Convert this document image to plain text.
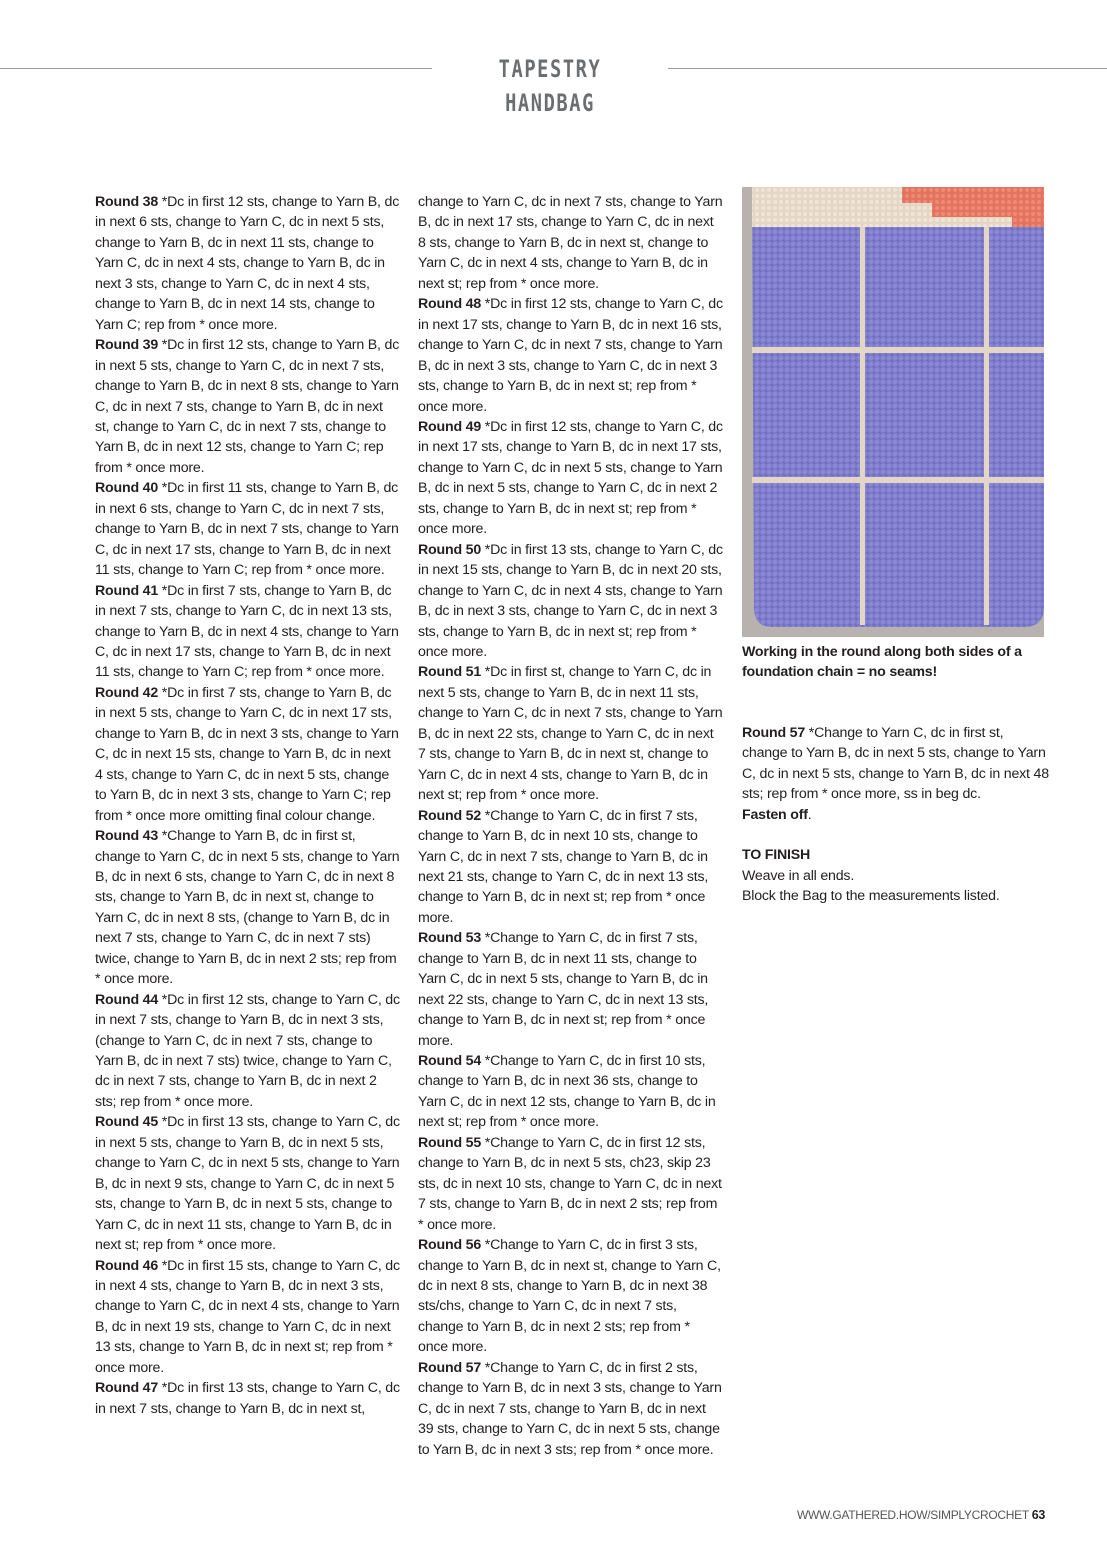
TAPESTRY HANDBAG

Round 38 *Dc in first 12 sts, change to Yarn B, dc in next 6 sts, change to Yarn C, dc in next 5 sts, change to Yarn B, dc in next 11 sts, change to Yarn C, dc in next 4 sts, change to Yarn B, dc in next 3 sts, change to Yarn C, dc in next 4 sts, change to Yarn B, dc in next 14 sts, change to Yarn C; rep from * once more.

Round 39 *Dc in first 12 sts, change to Yarn B, dc in next 5 sts, change to Yarn C, dc in next 7 sts, change to Yarn B, dc in next 8 sts, change to Yarn C, dc in next 7 sts, change to Yarn B, dc in next st, change to Yarn C, dc in next 7 sts, change to Yarn B, dc in next 12 sts, change to Yarn C; rep from * once more.

Round 40 *Dc in first 11 sts, change to Yarn B, dc in next 6 sts, change to Yarn C, dc in next 7 sts, change to Yarn B, dc in next 7 sts, change to Yarn C, dc in next 17 sts, change to Yarn B, dc in next 11 sts, change to Yarn C; rep from * once more.

Round 41 *Dc in first 7 sts, change to Yarn B, dc in next 7 sts, change to Yarn C, dc in next 13 sts, change to Yarn B, dc in next 4 sts, change to Yarn C, dc in next 17 sts, change to Yarn B, dc in next 11 sts, change to Yarn C; rep from * once more.

Round 42 *Dc in first 7 sts, change to Yarn B, dc in next 5 sts, change to Yarn C, dc in next 17 sts, change to Yarn B, dc in next 3 sts, change to Yarn C, dc in next 15 sts, change to Yarn B, dc in next 4 sts, change to Yarn C, dc in next 5 sts, change to Yarn B, dc in next 3 sts, change to Yarn C; rep from * once more omitting final colour change.

Round 43 *Change to Yarn B, dc in first st, change to Yarn C, dc in next 5 sts, change to Yarn B, dc in next 6 sts, change to Yarn C, dc in next 8 sts, change to Yarn B, dc in next st, change to Yarn C, dc in next 8 sts, (change to Yarn B, dc in next 7 sts, change to Yarn C, dc in next 7 sts) twice, change to Yarn B, dc in next 2 sts; rep from * once more.

Round 44 *Dc in first 12 sts, change to Yarn C, dc in next 7 sts, change to Yarn B, dc in next 3 sts, (change to Yarn C, dc in next 7 sts, change to Yarn B, dc in next 7 sts) twice, change to Yarn C, dc in next 7 sts, change to Yarn B, dc in next 2 sts; rep from * once more.

Round 45 *Dc in first 13 sts, change to Yarn C, dc in next 5 sts, change to Yarn B, dc in next 5 sts, change to Yarn C, dc in next 5 sts, change to Yarn B, dc in next 9 sts, change to Yarn C, dc in next 5 sts, change to Yarn B, dc in next 5 sts, change to Yarn C, dc in next 11 sts, change to Yarn B, dc in next st; rep from * once more.

Round 46 *Dc in first 15 sts, change to Yarn C, dc in next 4 sts, change to Yarn B, dc in next 3 sts, change to Yarn C, dc in next 4 sts, change to Yarn B, dc in next 19 sts, change to Yarn C, dc in next 13 sts, change to Yarn B, dc in next st; rep from * once more.

Round 47 *Dc in first 13 sts, change to Yarn C, dc in next 7 sts, change to Yarn B, dc in next st,

change to Yarn C, dc in next 7 sts, change to Yarn B, dc in next 17 sts, change to Yarn C, dc in next 8 sts, change to Yarn B, dc in next st, change to Yarn C, dc in next 4 sts, change to Yarn B, dc in next st; rep from * once more.

Round 48 *Dc in first 12 sts, change to Yarn C, dc in next 17 sts, change to Yarn B, dc in next 16 sts, change to Yarn C, dc in next 7 sts, change to Yarn B, dc in next 3 sts, change to Yarn C, dc in next 3 sts, change to Yarn B, dc in next st; rep from * once more.

Round 49 *Dc in first 12 sts, change to Yarn C, dc in next 17 sts, change to Yarn B, dc in next 17 sts, change to Yarn C, dc in next 5 sts, change to Yarn B, dc in next 5 sts, change to Yarn C, dc in next 2 sts, change to Yarn B, dc in next st; rep from * once more.

Round 50 *Dc in first 13 sts, change to Yarn C, dc in next 15 sts, change to Yarn B, dc in next 20 sts, change to Yarn C, dc in next 4 sts, change to Yarn B, dc in next 3 sts, change to Yarn C, dc in next 3 sts, change to Yarn B, dc in next st; rep from * once more.

Round 51 *Dc in first st, change to Yarn C, dc in next 5 sts, change to Yarn B, dc in next 11 sts, change to Yarn C, dc in next 7 sts, change to Yarn B, dc in next 22 sts, change to Yarn C, dc in next 7 sts, change to Yarn B, dc in next st, change to Yarn C, dc in next 4 sts, change to Yarn B, dc in next st; rep from * once more.

Round 52 *Change to Yarn C, dc in first 7 sts, change to Yarn B, dc in next 10 sts, change to Yarn C, dc in next 7 sts, change to Yarn B, dc in next 21 sts, change to Yarn C, dc in next 13 sts, change to Yarn B, dc in next st; rep from * once more.

Round 53 *Change to Yarn C, dc in first 7 sts, change to Yarn B, dc in next 11 sts, change to Yarn C, dc in next 5 sts, change to Yarn B, dc in next 22 sts, change to Yarn C, dc in next 13 sts, change to Yarn B, dc in next st; rep from * once more.

Round 54 *Change to Yarn C, dc in first 10 sts, change to Yarn B, dc in next 36 sts, change to Yarn C, dc in next 12 sts, change to Yarn B, dc in next st; rep from * once more.

Round 55 *Change to Yarn C, dc in first 12 sts, change to Yarn B, dc in next 5 sts, ch23, skip 23 sts, dc in next 10 sts, change to Yarn C, dc in next 7 sts, change to Yarn B, dc in next 2 sts; rep from * once more.

Round 56 *Change to Yarn C, dc in first 3 sts, change to Yarn B, dc in next st, change to Yarn C, dc in next 8 sts, change to Yarn B, dc in next 38 sts/chs, change to Yarn C, dc in next 7 sts, change to Yarn B, dc in next 2 sts; rep from * once more.

Round 57 *Change to Yarn C, dc in first 2 sts, change to Yarn B, dc in next 3 sts, change to Yarn C, dc in next 7 sts, change to Yarn B, dc in next 39 sts, change to Yarn C, dc in next 5 sts, change to Yarn B, dc in next 3 sts; rep from * once more.

Working in the round along both sides of a foundation chain = no seams!

Round 57 *Change to Yarn C, dc in first st, change to Yarn B, dc in next 5 sts, change to Yarn C, dc in next 5 sts, change to Yarn B, dc in next 48 sts; rep from * once more, ss in beg dc.

Fasten off.

TO FINISH

Weave in all ends.

Block the Bag to the measurements listed.

WWW.GATHERED.HOW/SIMPLYCROCHET 63
